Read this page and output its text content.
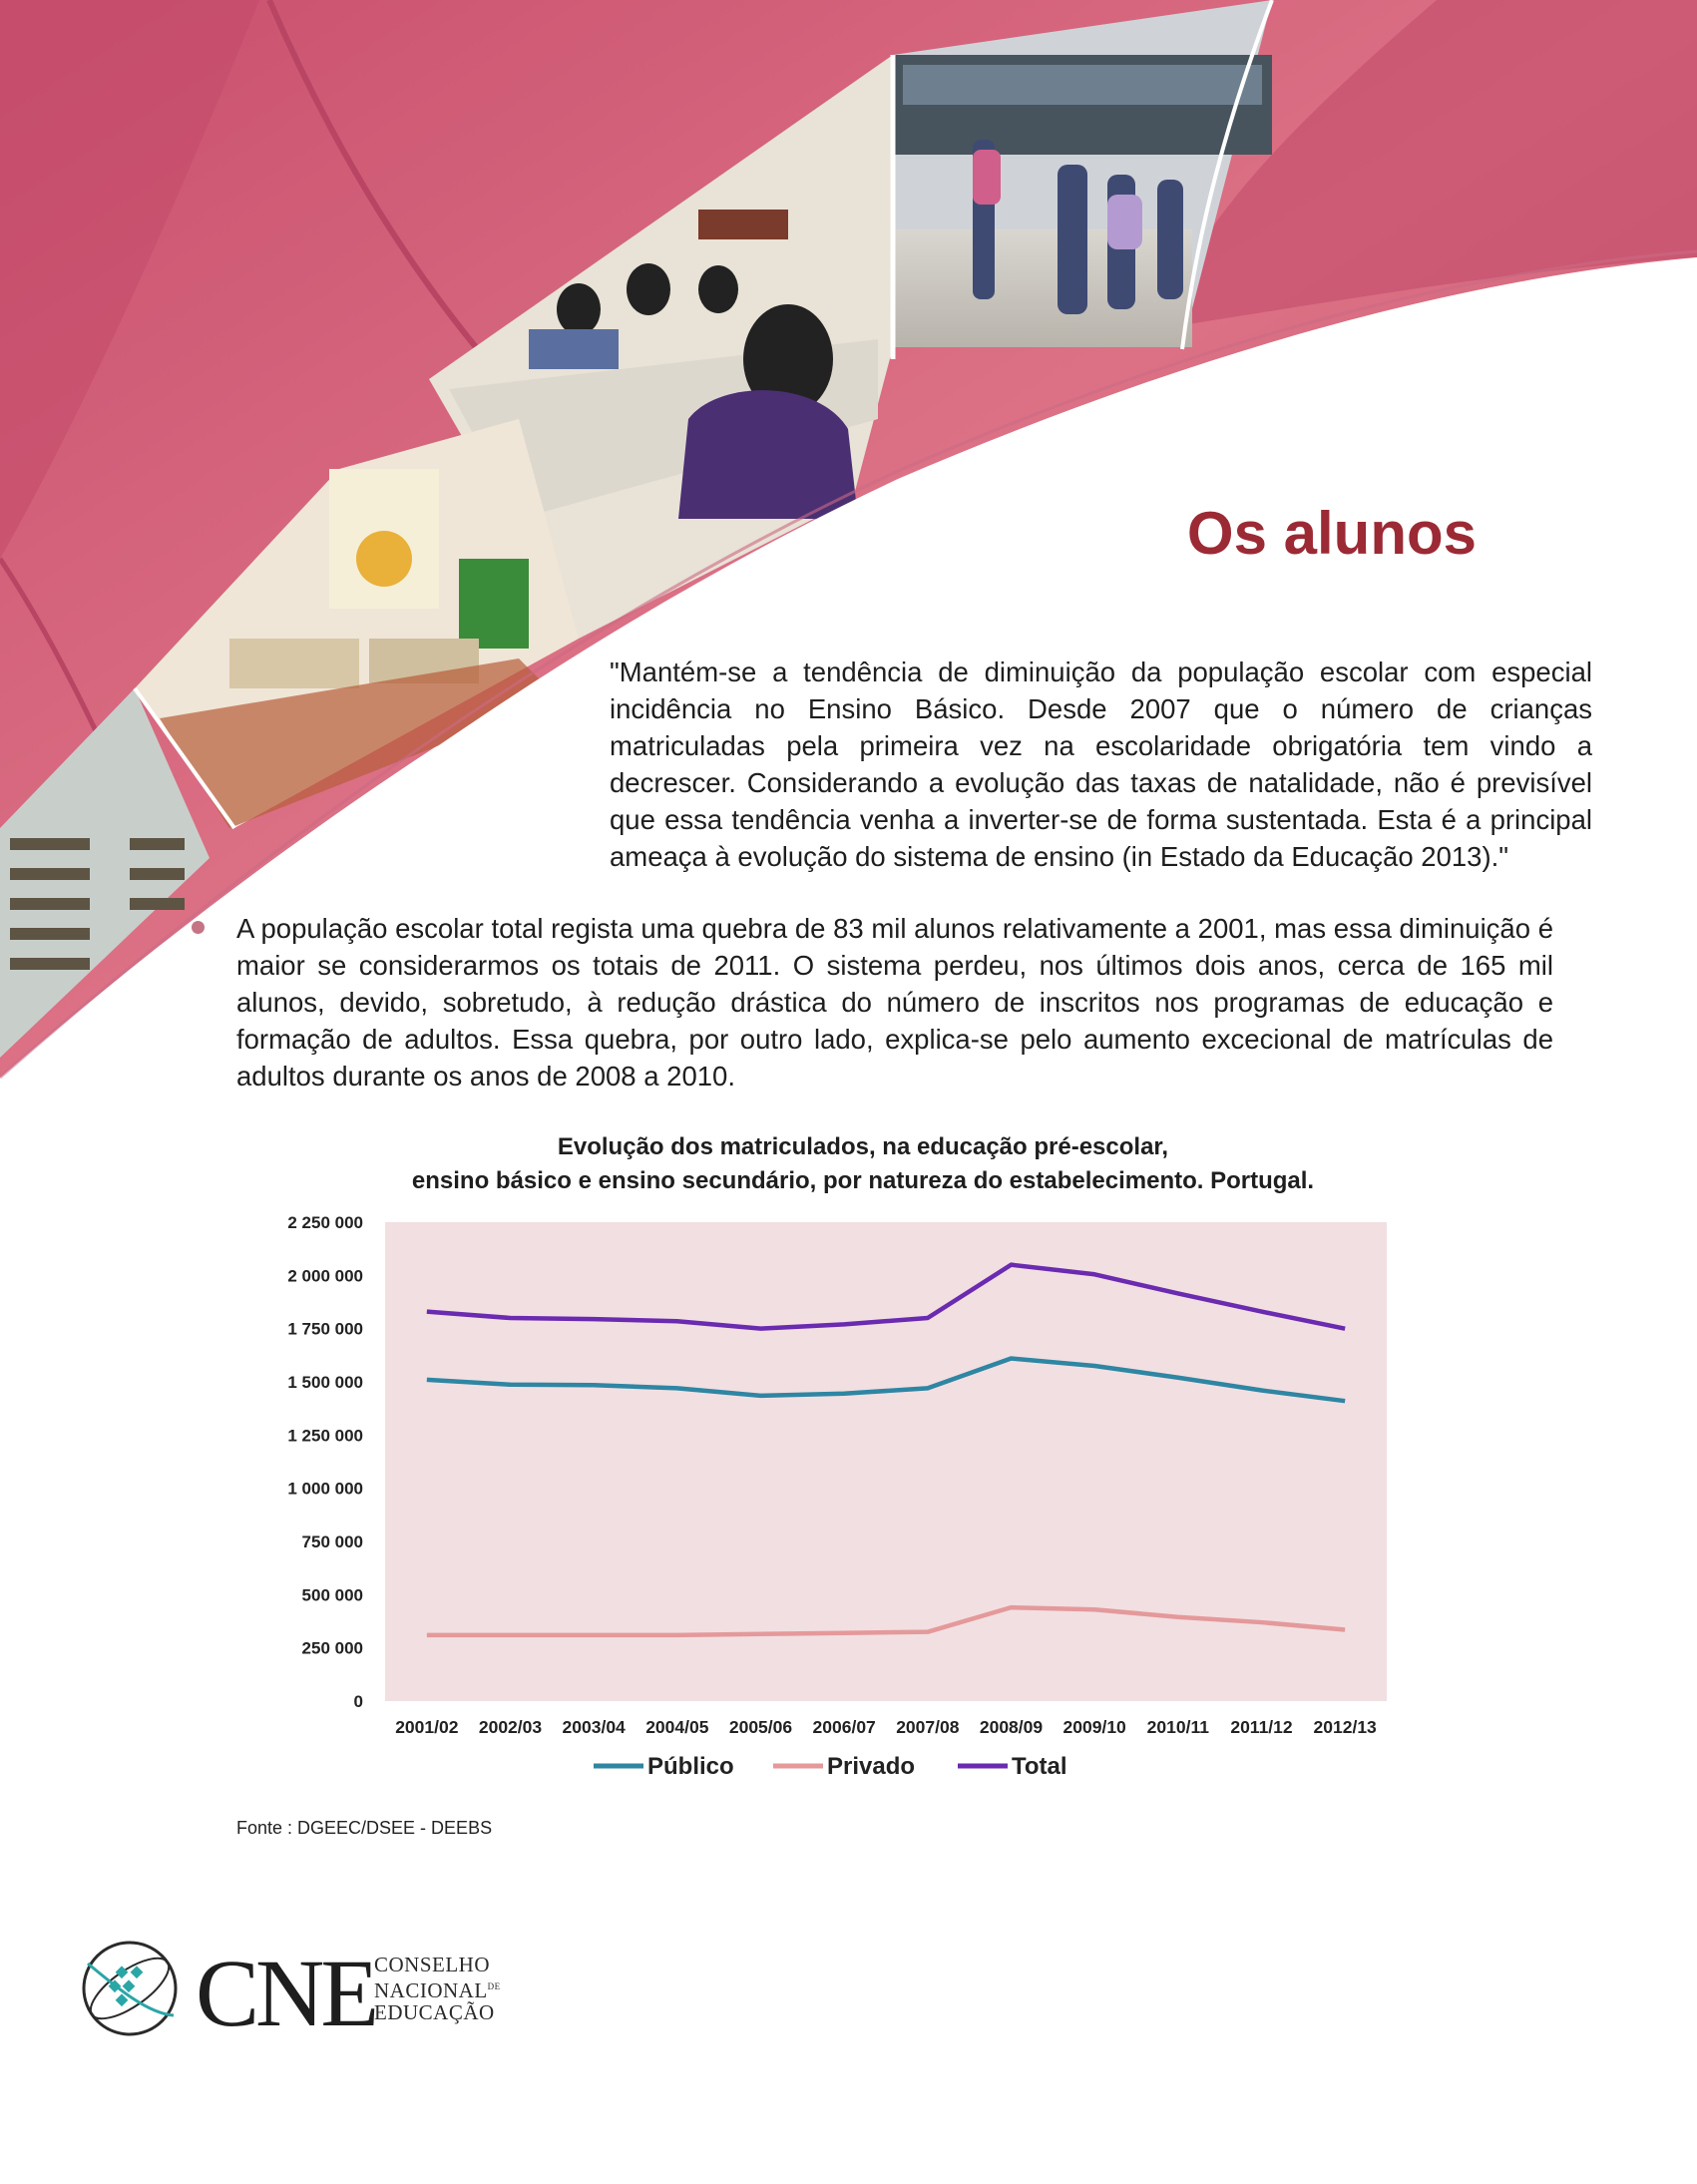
Os alunos
"Mantém-se a tendência de diminuição da população escolar com especial incidência no Ensino Básico. Desde 2007 que o número de crianças matriculadas pela primeira vez na escolaridade obrigatória tem vindo a decrescer. Considerando a evolução das taxas de natalidade, não é previsível que essa tendência venha a inverter-se de forma sustentada. Esta é a principal ameaça à evolução do sistema de ensino (in Estado da Educação 2013)."
A população escolar total regista uma quebra de 83 mil alunos relativamente a 2001, mas essa diminuição é maior se considerarmos os totais de 2011. O sistema perdeu, nos últimos dois anos, cerca de 165 mil alunos, devido, sobretudo, à redução drástica do número de inscritos nos programas de educação e formação de adultos. Essa quebra, por outro lado, explica-se pelo aumento excecional de matrículas de adultos durante os anos de 2008 a 2010.
Evolução dos matriculados, na educação pré-escolar,
ensino básico e ensino secundário, por natureza do estabelecimento. Portugal.
0
250 000
500 000
750 000
1 000 000
1 250 000
1 500 000
1 750 000
2 000 000
2 250 000
2001/02 2002/03 2003/04 2004/05 2005/06 2006/07 2007/08 2008/09 2009/10 2010/11 2011/12 2012/13
Público	Privado	Total
Fonte : DGEEC/DSEE - DEEBS
CNE CONSELHO
$NACIONAL^{DE}$
EDUCAÇÃO
